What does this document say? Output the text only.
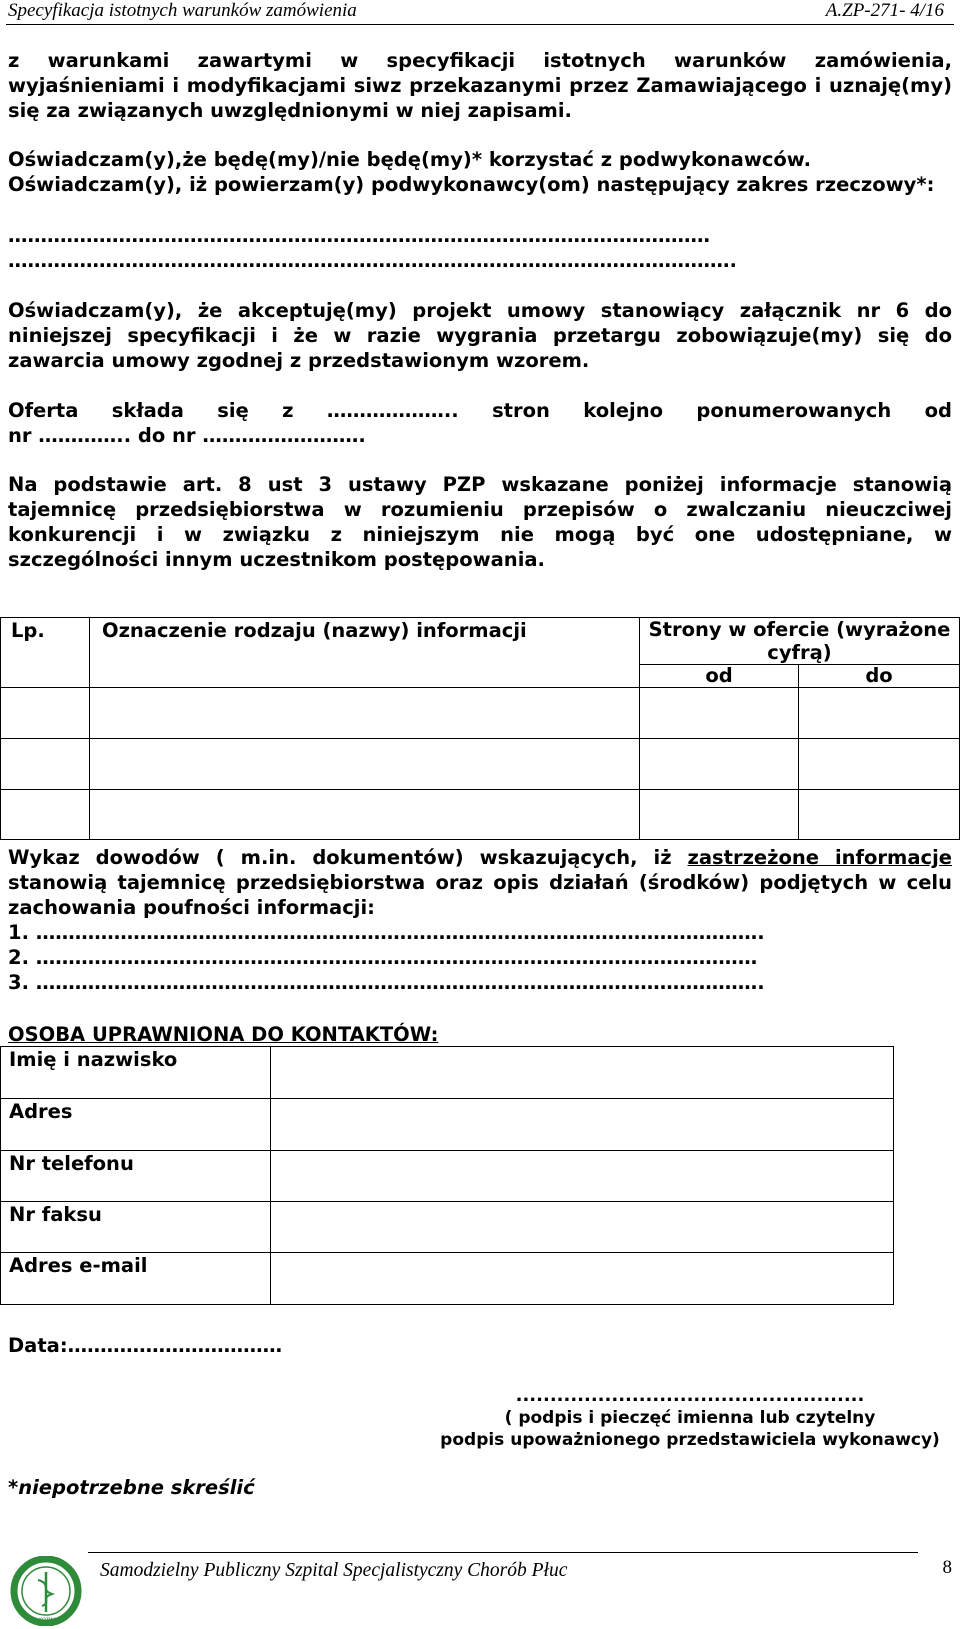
Specyfikacja istotnych warunków zamówienia	A.ZP-271- 4/16
z warunkami zawartymi w specyfikacji istotnych warunków zamówienia, wyjaśnieniami i modyfikacjami siwz przekazanymi przez Zamawiającego i uznaję(my) się za związanych uwzględnionymi w niej zapisami.
Oświadczam(y),że będę(my)/nie będę(my)* korzystać z podwykonawców.
Oświadczam(y), iż powierzam(y) podwykonawcy(om) następujący zakres rzeczowy*:
………………………………………………………………………………………………
………………………………………………………………………………………………….
Oświadczam(y), że akceptuję(my) projekt umowy stanowiący załącznik nr 6 do niniejszej specyfikacji i że w razie wygrania przetargu zobowiązuje(my) się do zawarcia umowy zgodnej z przedstawionym wzorem.
Oferta składa się z ……………….. stron kolejno ponumerowanych od
nr ………….. do nr …………………….
Na podstawie art. 8 ust 3 ustawy PZP wskazane poniżej informacje stanowią tajemnicę przedsiębiorstwa w rozumieniu przepisów o zwalczaniu nieuczciwej konkurencji i w związku z niniejszym nie mogą być one udostępniane, w szczególności innym uczestnikom postępowania.
Lp.	Oznaczenie rodzaju (nazwy) informacji	Strony w ofercie (wyrażone cyfrą)	
		od	do

Wykaz dowodów ( m.in. dokumentów) wskazujących, iż zastrzeżone informacje stanowią tajemnicę przedsiębiorstwa oraz opis działań (środków) podjętych w celu zachowania poufności informacji:
1. ………………………………………………………………………………………………….
2. …………………………………………………………………………………………………
3. ………………………………………………………………………………………………….
OSOBA UPRAWNIONA DO KONTAKTÓW:
Imię i nazwisko	
Adres	
Nr telefonu	
Nr faksu	
Adres e-mail	
Data:……………………………
...................................................
( podpis i pieczęć imienna lub czytelny
podpis upoważnionego przedstawiciela wykonawcy)
*niepotrzebne skreślić
ZAKOPANE
Samodzielny Publiczny Szpital Specjalistyczny Chorób Płuc	8
